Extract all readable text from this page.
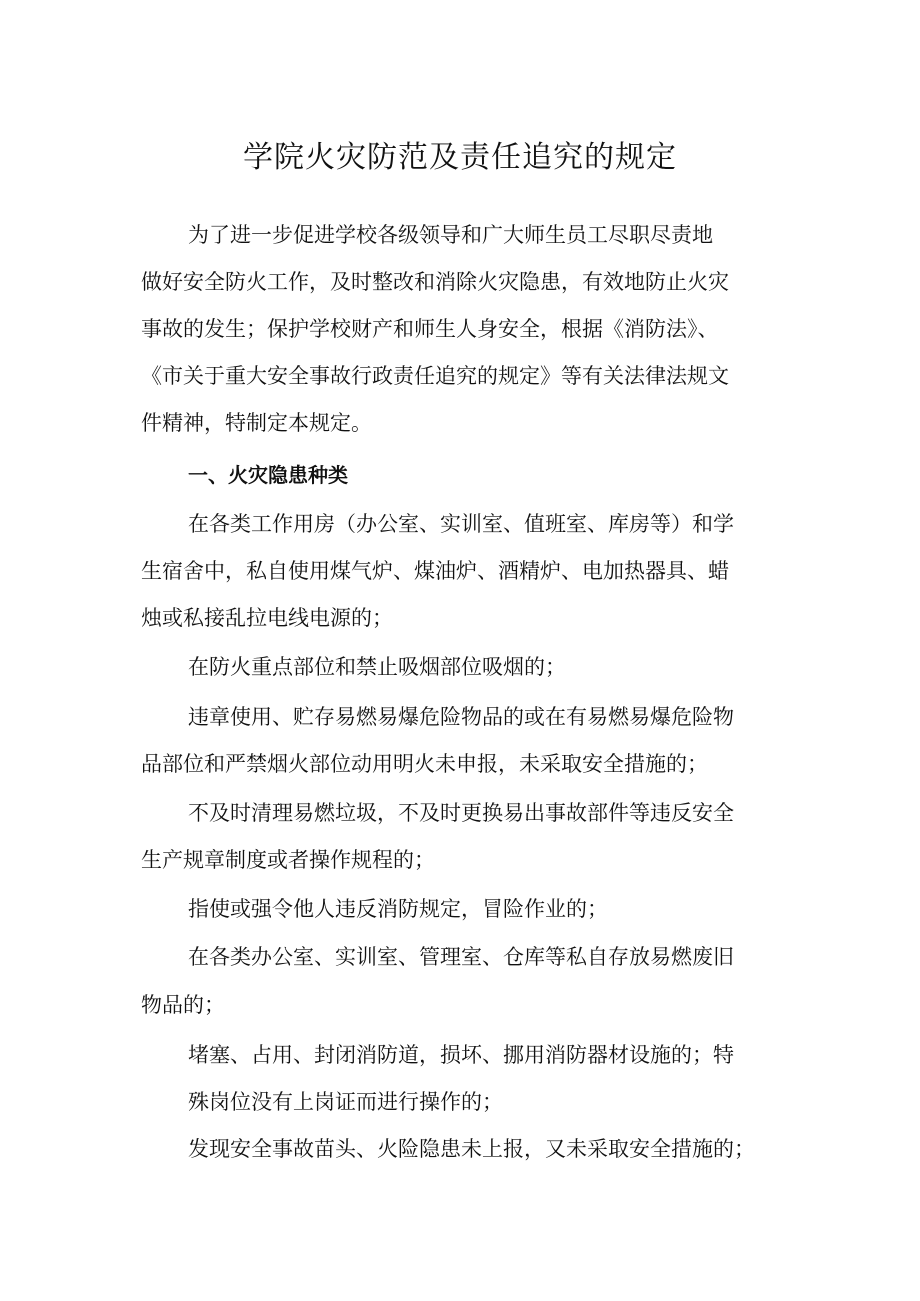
学院火灾防范及责任追究的规定

为了进一步促进学校各级领导和广大师生员工尽职尽责地

做好安全防火工作，及时整改和消除火灾隐患，有效地防止火灾

事故的发生；保护学校财产和师生人身安全，根据《消防法》、

《市关于重大安全事故行政责任追究的规定》等有关法律法规文

件精神，特制定本规定。

一、火灾隐患种类

在各类工作用房（办公室、实训室、值班室、库房等）和学

生宿舍中，私自使用煤气炉、煤油炉、酒精炉、电加热器具、蜡

烛或私接乱拉电线电源的；

在防火重点部位和禁止吸烟部位吸烟的；

违章使用、贮存易燃易爆危险物品的或在有易燃易爆危险物

品部位和严禁烟火部位动用明火未申报，未采取安全措施的；

不及时清理易燃垃圾，不及时更换易出事故部件等违反安全

生产规章制度或者操作规程的；

指使或强令他人违反消防规定，冒险作业的；

在各类办公室、实训室、管理室、仓库等私自存放易燃废旧

物品的；

堵塞、占用、封闭消防道，损坏、挪用消防器材设施的；特

殊岗位没有上岗证而进行操作的；

发现安全事故苗头、火险隐患未上报，又未采取安全措施的；
